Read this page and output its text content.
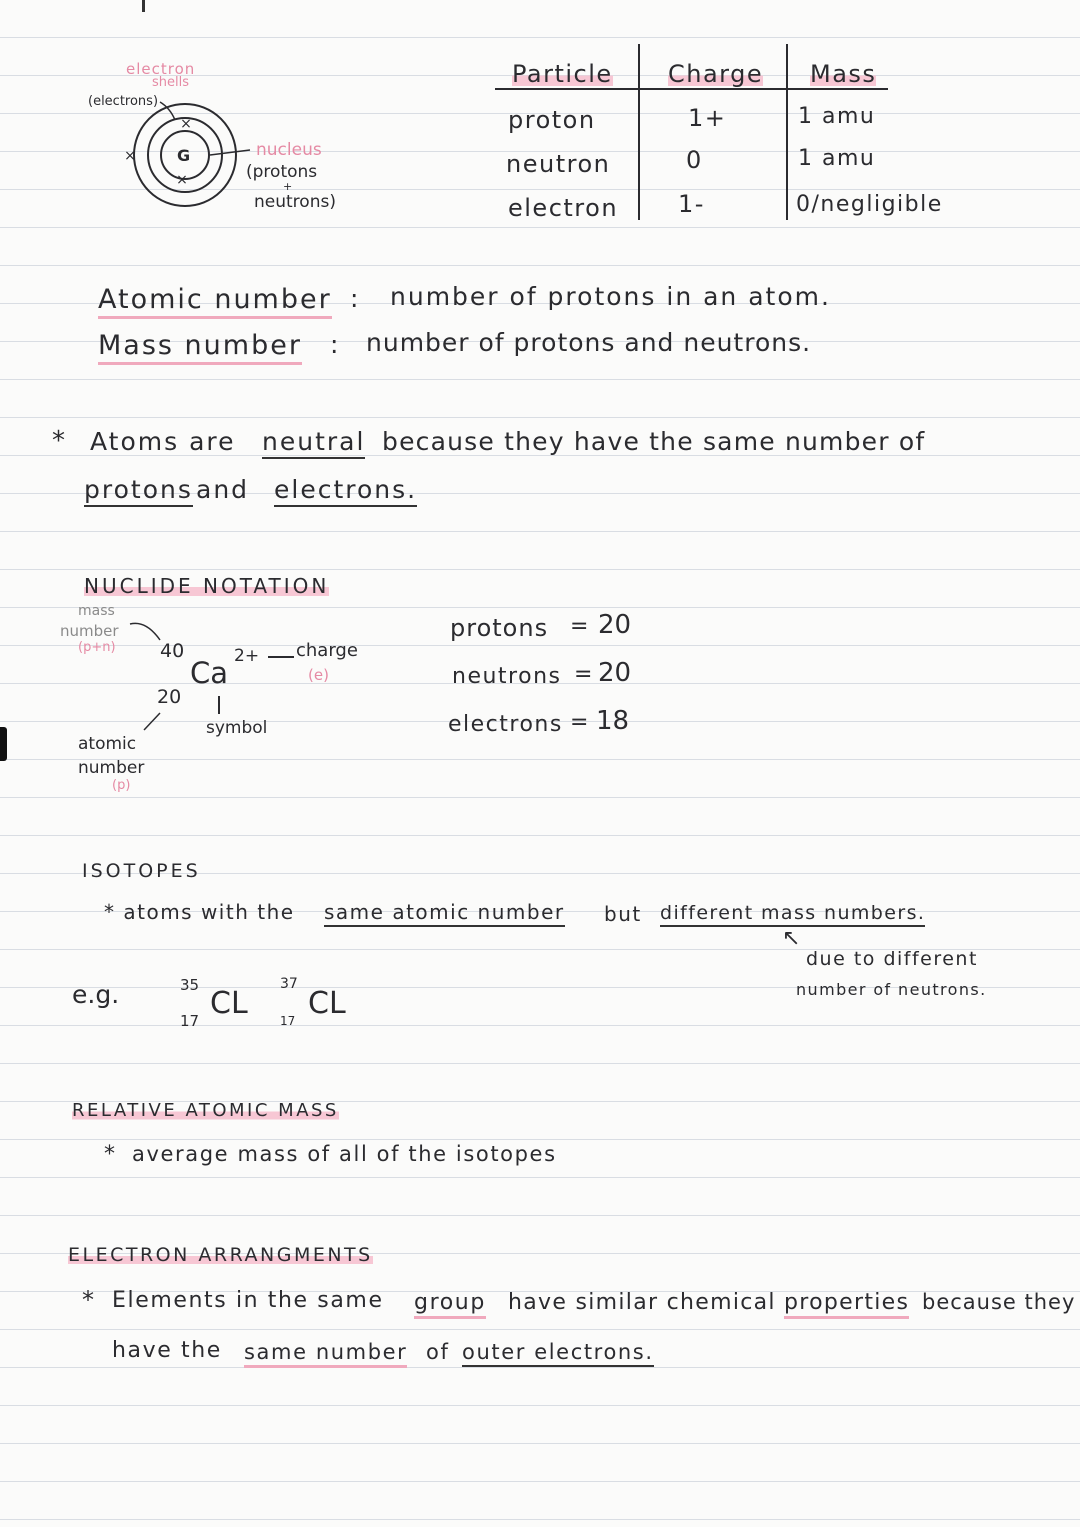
electron
shells
(electrons)
×
×
×
G	nucleus
(protons
+
neutrons)
Particle Charge Mass
proton	1+	1 amu
neutron	0	1 amu
electron 1-	0/negligible
Atomic number : number of protons in an atom.
Mass number : number of protons and neutrons.
* Atoms are neutral because they have the same number of
protons and electrons.
NUCLIDE NOTATION
mass
number
(p+n) 40
20
Ca 2+ charge
(e)
symbol
atomic
number
(p)
protons = 20
neutrons = 20
electrons = 18
ISOTOPES
* atoms with the same atomic number but different mass numbers.
↖
due to different
number of neutrons.
e.g.	35
17 CL
37
17 CL
RELATIVE ATOMIC MASS
* average mass of all of the isotopes
ELECTRON ARRANGMENTS
* Elements in the same group have similar chemical properties because they
have the same number of outer electrons.
